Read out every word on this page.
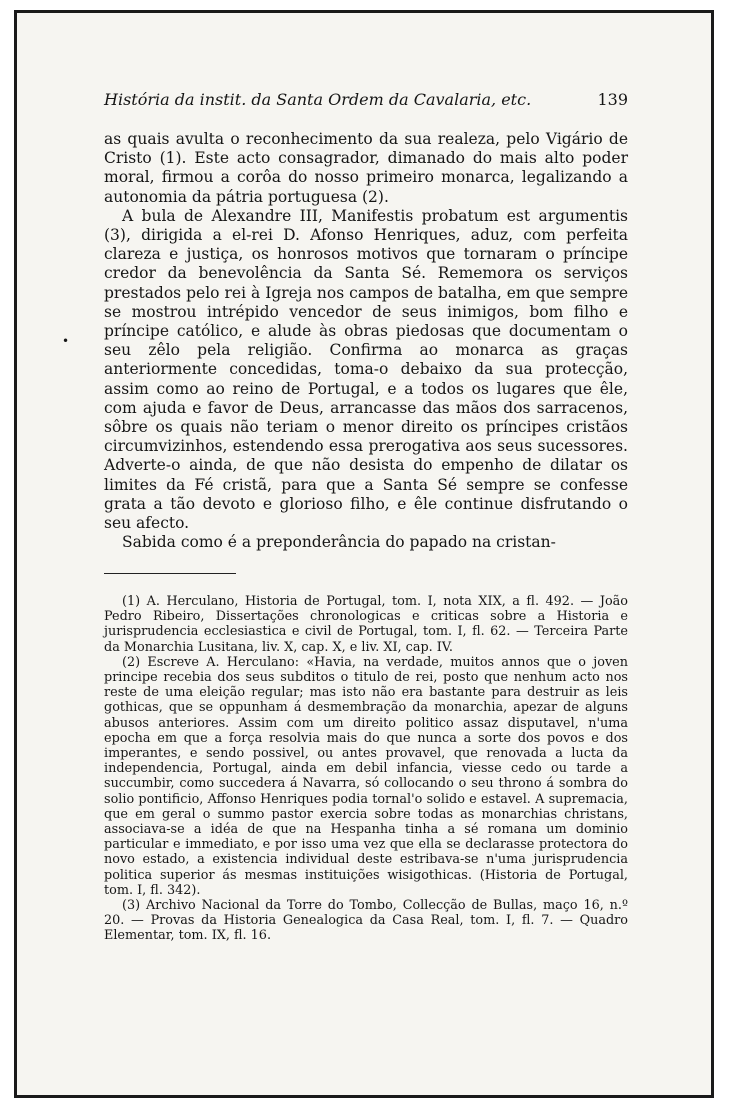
História da instit. da Santa Ordem da Cavalaria, etc.	139
•

as quais avulta o reconhecimento da sua realeza, pelo Vigário de Cristo (1). Este acto consagrador, dimanado do mais alto poder moral, firmou a corôa do nosso primeiro monarca, legalizando a autonomia da pátria portuguesa (2).

A bula de Alexandre III, Manifestis probatum est argumentis (3), dirigida a el-rei D. Afonso Henriques, aduz, com perfeita clareza e justiça, os honrosos motivos que tornaram o príncipe credor da benevolência da Santa Sé. Rememora os serviços prestados pelo rei à Igreja nos campos de batalha, em que sempre se mostrou intrépido vencedor de seus inimigos, bom filho e príncipe católico, e alude às obras piedosas que documentam o seu zêlo pela religião. Confirma ao monarca as graças anteriormente concedidas, toma-o debaixo da sua protecção, assim como ao reino de Portugal, e a todos os lugares que êle, com ajuda e favor de Deus, arrancasse das mãos dos sarracenos, sôbre os quais não teriam o menor direito os príncipes cristãos circumvizinhos, estendendo essa prerogativa aos seus sucessores. Adverte-o ainda, de que não desista do empenho de dilatar os limites da Fé cristã, para que a Santa Sé sempre se confesse grata a tão devoto e glorioso filho, e êle continue disfrutando o seu afecto.

Sabida como é a preponderância do papado na cristan-

(1) A. Herculano, Historia de Portugal, tom. I, nota XIX, a fl. 492. — João Pedro Ribeiro, Dissertações chronologicas e criticas sobre a Historia e jurisprudencia ecclesiastica e civil de Portugal, tom. I, fl. 62. — Terceira Parte da Monarchia Lusitana, liv. X, cap. X, e liv. XI, cap. IV.

(2) Escreve A. Herculano: «Havia, na verdade, muitos annos que o joven principe recebia dos seus subditos o titulo de rei, posto que nenhum acto nos reste de uma eleição regular; mas isto não era bastante para destruir as leis gothicas, que se oppunham á desmembração da monarchia, apezar de alguns abusos anteriores. Assim com um direito politico assaz disputavel, n'uma epocha em que a força resolvia mais do que nunca a sorte dos povos e dos imperantes, e sendo possivel, ou antes provavel, que renovada a lucta da independencia, Portugal, ainda em debil infancia, viesse cedo ou tarde a succumbir, como succedera á Navarra, só collocando o seu throno á sombra do solio pontificio, Affonso Henriques podia tornal'o solido e estavel. A supremacia, que em geral o summo pastor exercia sobre todas as monarchias christans, associava-se a idéa de que na Hespanha tinha a sé romana um dominio particular e immediato, e por isso uma vez que ella se declarasse protectora do novo estado, a existencia individual deste estribava-se n'uma jurisprudencia politica superior ás mesmas instituições wisigothicas. (Historia de Portugal, tom. I, fl. 342).

(3) Archivo Nacional da Torre do Tombo, Collecção de Bullas, maço 16, n.º 20. — Provas da Historia Genealogica da Casa Real, tom. I, fl. 7. — Quadro Elementar, tom. IX, fl. 16.
